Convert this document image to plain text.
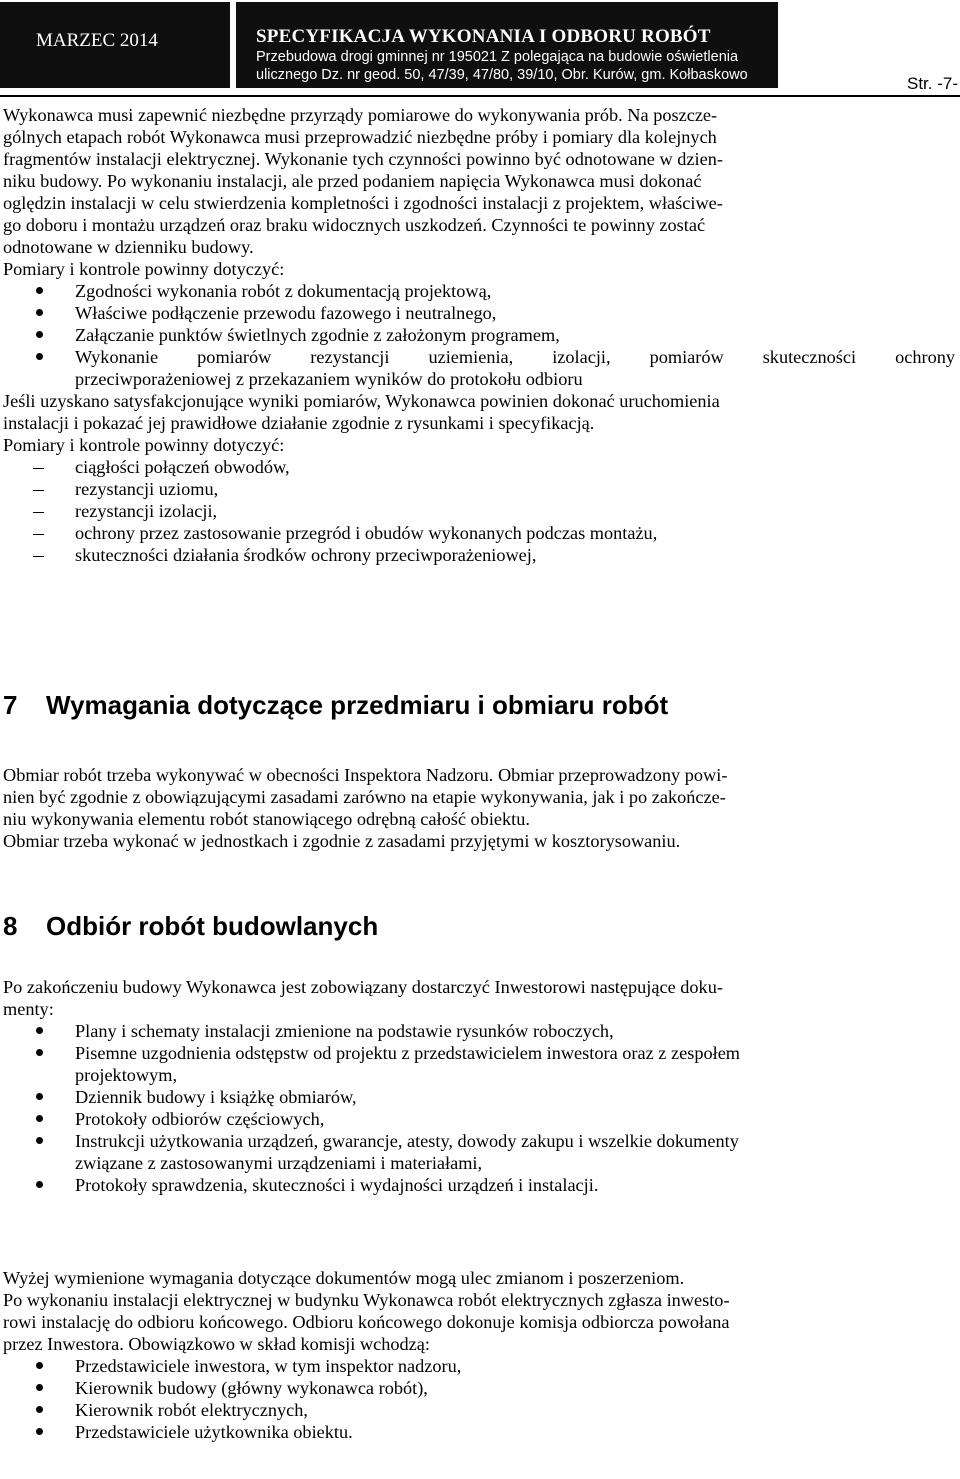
MARZEC 2014	SPECYFIKACJA WYKONANIA I ODBORU ROBÓT
Przebudowa drogi gminnej nr 195021 Z polegająca na budowie oświetlenia
ulicznego Dz. nr geod. 50, 47/39, 47/80, 39/10, Obr. Kurów, gm. Kołbaskowo	Str. -7-

Wykonawca musi zapewnić niezbędne przyrządy pomiarowe do wykonywania prób. Na poszcze-
gólnych etapach robót Wykonawca musi przeprowadzić niezbędne próby i pomiary dla kolejnych
fragmentów instalacji elektrycznej. Wykonanie tych czynności powinno być odnotowane w dzien-
niku budowy. Po wykonaniu instalacji, ale przed podaniem napięcia Wykonawca musi dokonać
oględzin instalacji w celu stwierdzenia kompletności i zgodności instalacji z projektem, właściwe-
go doboru i montażu urządzeń oraz braku widocznych uszkodzeń. Czynności te powinny zostać
odnotowane w dzienniku budowy.

Pomiary i kontrole powinny dotyczyć:

Zgodności wykonania robót z dokumentacją projektową,
Właściwe podłączenie przewodu fazowego i neutralnego,
Załączanie punktów świetlnych zgodnie z założonym programem,
Wykonanie pomiarów rezystancji uziemienia, izolacji, pomiarów skuteczności ochrony
przeciwporażeniowej z przekazaniem wyników do protokołu odbioru

Jeśli uzyskano satysfakcjonujące wyniki pomiarów, Wykonawca powinien dokonać uruchomienia
instalacji i pokazać jej prawidłowe działanie zgodnie z rysunkami i specyfikacją.

Pomiary i kontrole powinny dotyczyć:

ciągłości połączeń obwodów,
rezystancji uziomu,
rezystancji izolacji,
ochrony przez zastosowanie przegród i obudów wykonanych podczas montażu,
skuteczności działania środków ochrony przeciwporażeniowej,
7 Wymagania dotyczące przedmiaru i obmiaru robót

Obmiar robót trzeba wykonywać w obecności Inspektora Nadzoru. Obmiar przeprowadzony powi-
nien być zgodnie z obowiązującymi zasadami zarówno na etapie wykonywania, jak i po zakończe-
niu wykonywania elementu robót stanowiącego odrębną całość obiektu.
Obmiar trzeba wykonać w jednostkach i zgodnie z zasadami przyjętymi w kosztorysowaniu.

8 Odbiór robót budowlanych

Po zakończeniu budowy Wykonawca jest zobowiązany dostarczyć Inwestorowi następujące doku-
menty:

Plany i schematy instalacji zmienione na podstawie rysunków roboczych,
Pisemne uzgodnienia odstępstw od projektu z przedstawicielem inwestora oraz z zespołem
projektowym,
Dziennik budowy i książkę obmiarów,
Protokoły odbiorów częściowych,
Instrukcji użytkowania urządzeń, gwarancje, atesty, dowody zakupu i wszelkie dokumenty
związane z zastosowanymi urządzeniami i materiałami,
Protokoły sprawdzenia, skuteczności i wydajności urządzeń i instalacji.

Wyżej wymienione wymagania dotyczące dokumentów mogą ulec zmianom i poszerzeniom.
Po wykonaniu instalacji elektrycznej w budynku Wykonawca robót elektrycznych zgłasza inwesto-
rowi instalację do odbioru końcowego. Odbioru końcowego dokonuje komisja odbiorcza powołana
przez Inwestora. Obowiązkowo w skład komisji wchodzą:

Przedstawiciele inwestora, w tym inspektor nadzoru,
Kierownik budowy (główny wykonawca robót),
Kierownik robót elektrycznych,
Przedstawiciele użytkownika obiektu.
